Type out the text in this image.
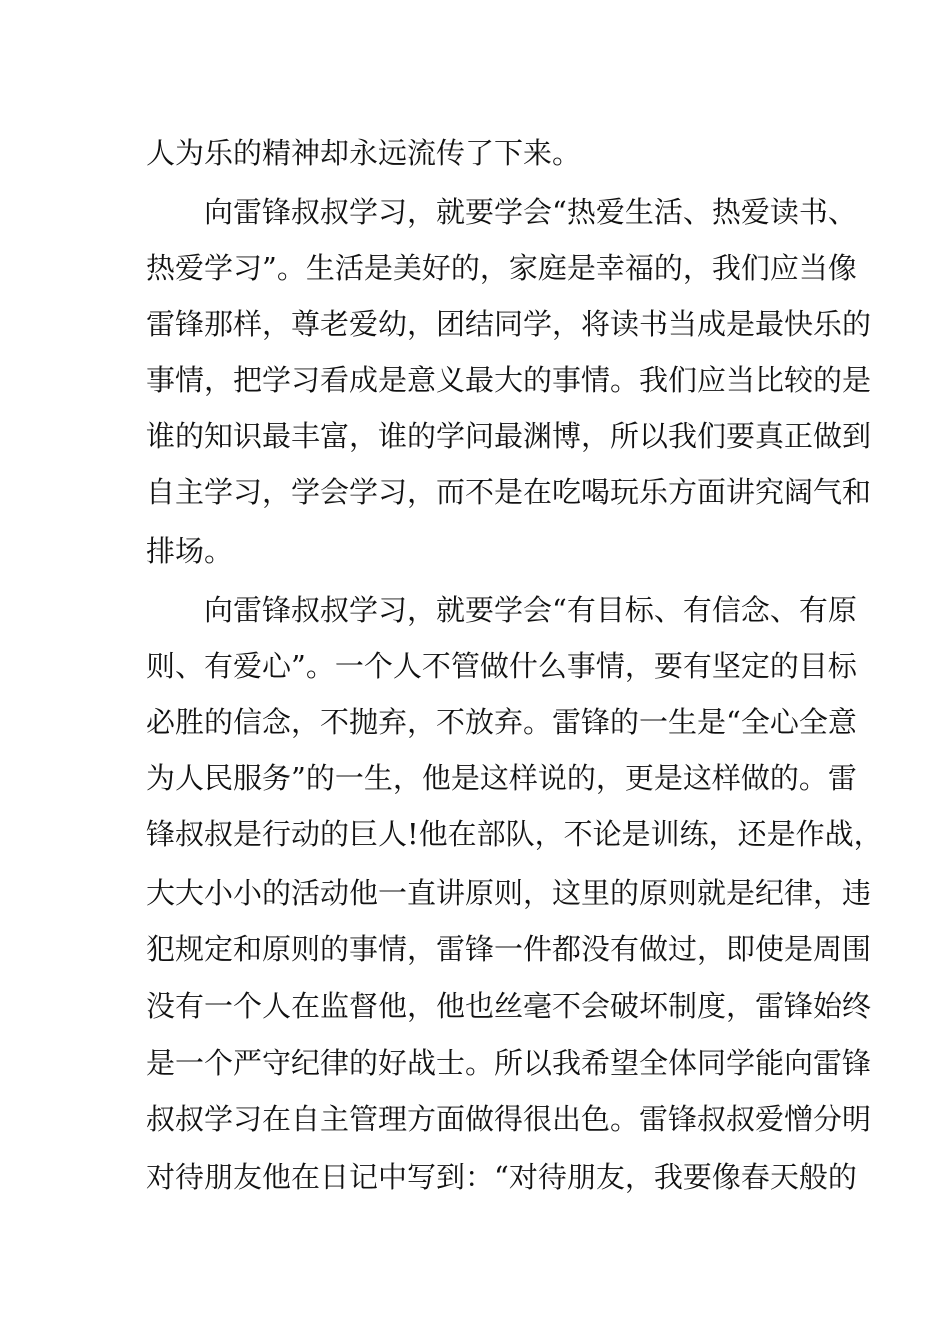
人为乐的精神却永远流传了下来。
向雷锋叔叔学习，就要学会“热爱生活、热爱读书、
热爱学习”。生活是美好的，家庭是幸福的，我们应当像
雷锋那样，尊老爱幼，团结同学，将读书当成是最快乐的
事情，把学习看成是意义最大的事情。我们应当比较的是
谁的知识最丰富，谁的学问最渊博，所以我们要真正做到
自主学习，学会学习，而不是在吃喝玩乐方面讲究阔气和
排场。
向雷锋叔叔学习，就要学会“有目标、有信念、有原
则、有爱心”。一个人不管做什么事情，要有坚定的目标
必胜的信念，不抛弃，不放弃。雷锋的一生是“全心全意
为人民服务”的一生，他是这样说的，更是这样做的。雷
锋叔叔是行动的巨人!他在部队，不论是训练，还是作战，
大大小小的活动他一直讲原则，这里的原则就是纪律，违
犯规定和原则的事情，雷锋一件都没有做过，即使是周围
没有一个人在监督他，他也丝毫不会破坏制度，雷锋始终
是一个严守纪律的好战士。所以我希望全体同学能向雷锋
叔叔学习在自主管理方面做得很出色。雷锋叔叔爱憎分明
对待朋友他在日记中写到：“对待朋友，我要像春天般的
